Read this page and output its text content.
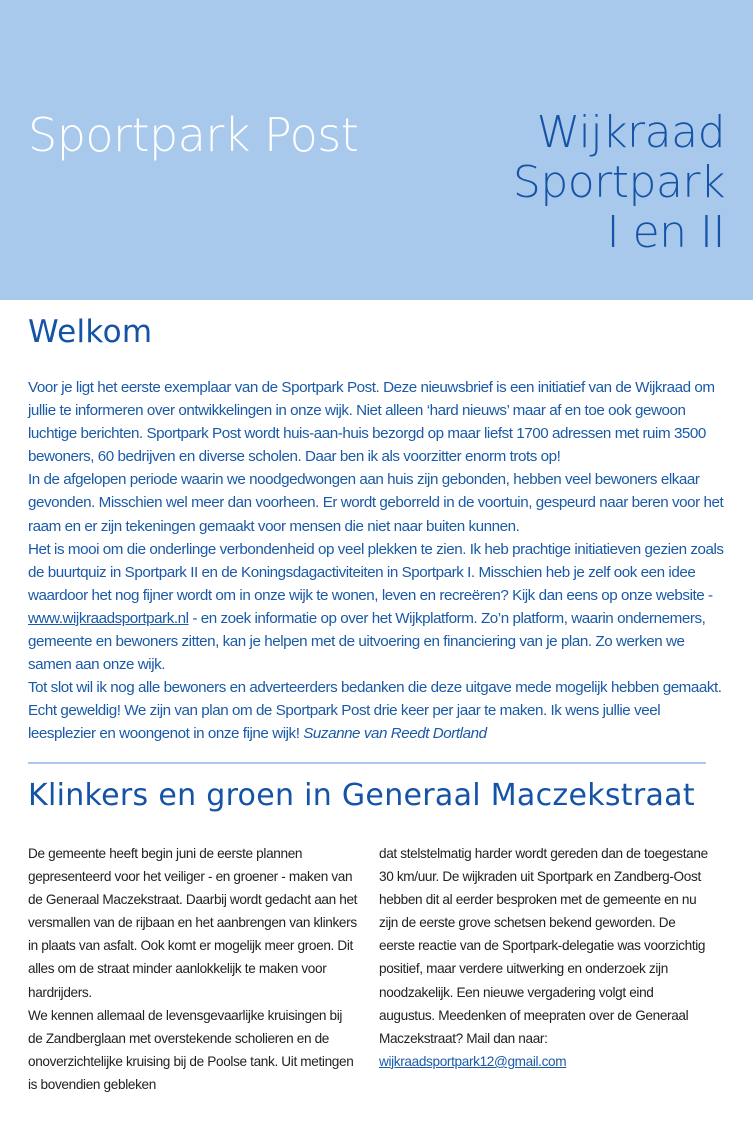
Sportpark Post	Wijkraad
Sportpark
I en II
Welkom

Voor je ligt het eerste exemplaar van de Sportpark Post. Deze nieuwsbrief is een initiatief van de Wijkraad om jullie te informeren over ontwikkelingen in onze wijk. Niet alleen ‘hard nieuws’ maar af en toe ook gewoon luchtige berichten. Sportpark Post wordt huis-aan-huis bezorgd op maar liefst 1700 adressen met ruim 3500 bewoners, 60 bedrijven en diverse scholen. Daar ben ik als voorzitter enorm trots op!

In de afgelopen periode waarin we noodgedwongen aan huis zijn gebonden, hebben veel bewoners elkaar gevonden. Misschien wel meer dan voorheen. Er wordt geborreld in de voortuin, gespeurd naar beren voor het raam en er zijn tekeningen gemaakt voor mensen die niet naar buiten kunnen.

Het is mooi om die onderlinge verbondenheid op veel plekken te zien. Ik heb prachtige initiatieven gezien zoals de buurtquiz in Sportpark II en de Koningsdagactiviteiten in Sportpark I. Misschien heb je zelf ook een idee waardoor het nog fijner wordt om in onze wijk te wonen, leven en recreëren? Kijk dan eens op onze website - www.wijkraadsportpark.nl - en zoek informatie op over het Wijkplatform. Zo’n platform, waarin ondernemers, gemeente en bewoners zitten, kan je helpen met de uitvoering en financiering van je plan. Zo werken we samen aan onze wijk.

Tot slot wil ik nog alle bewoners en adverteerders bedanken die deze uitgave mede mogelijk hebben gemaakt. Echt geweldig! We zijn van plan om de Sportpark Post drie keer per jaar te maken. Ik wens jullie veel leesplezier en woongenot in onze fijne wijk! Suzanne van Reedt Dortland

Klinkers en groen in Generaal Maczekstraat

De gemeente heeft begin juni de eerste plannen gepresenteerd voor het veiliger - en groener - maken van de Generaal Maczekstraat. Daarbij wordt gedacht aan het versmallen van de rijbaan en het aanbrengen van klinkers in plaats van asfalt. Ook komt er mogelijk meer groen. Dit alles om de straat minder aanlokkelijk te maken voor hardrijders.

We kennen allemaal de levensgevaarlijke kruisingen bij de Zandberglaan met overstekende scholieren en de onoverzichtelijke kruising bij de Poolse tank. Uit metingen is bovendien gebleken

dat stelstelmatig harder wordt gereden dan de toegestane 30 km/uur. De wijkraden uit Sportpark en Zandberg-Oost hebben dit al eerder besproken met de gemeente en nu zijn de eerste grove schetsen bekend geworden. De eerste reactie van de Sportpark-delegatie was voorzichtig positief, maar verdere uitwerking en onderzoek zijn noodzakelijk. Een nieuwe vergadering volgt eind augustus. Meedenken of meepraten over de Generaal Maczekstraat? Mail dan naar:

wijkraadsportpark12@gmail.com
